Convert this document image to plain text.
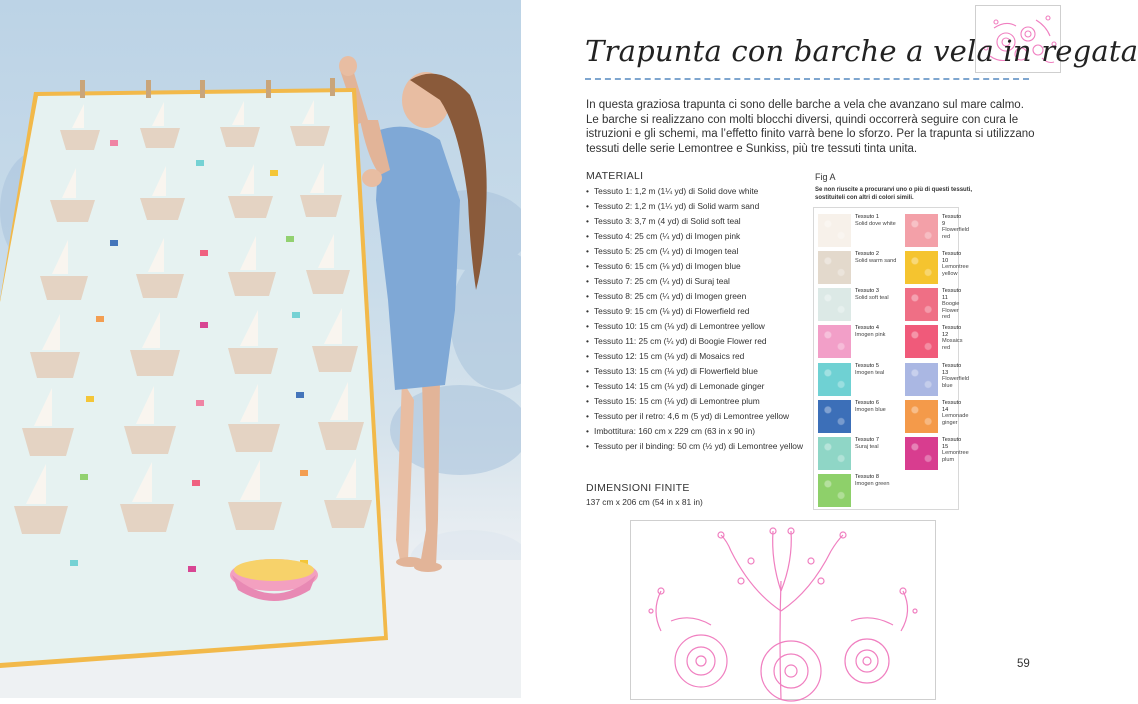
Trapunta con barche a vela in regata
In questa graziosa trapunta ci sono delle barche a vela che avanzano sul mare calmo. Le barche si realizzano con molti blocchi diversi, quindi occorrerà seguire con cura le istruzioni e gli schemi, ma l’effetto finito varrà bene lo sforzo. Per la trapunta si utilizzano tessuti delle serie Lemontree e Sunkiss, più tre tessuti tinta unita.
MATERIALI
• Tessuto 1: 1,2 m (1¼ yd) di Solid dove white
• Tessuto 2: 1,2 m (1¼ yd) di Solid warm sand
• Tessuto 3: 3,7 m (4 yd) di Solid soft teal
• Tessuto 4: 25 cm (¼ yd) di Imogen pink
• Tessuto 5: 25 cm (¼ yd) di Imogen teal
• Tessuto 6: 15 cm (⅛ yd) di Imogen blue
• Tessuto 7: 25 cm (¼ yd) di Suraj teal
• Tessuto 8: 25 cm (¼ yd) di Imogen green
• Tessuto 9: 15 cm (⅛ yd) di Flowerfield red
• Tessuto 10: 15 cm (⅛ yd) di Lemontree yellow
• Tessuto 11: 25 cm (¼ yd) di Boogie Flower red
• Tessuto 12: 15 cm (⅛ yd) di Mosaics red
• Tessuto 13: 15 cm (⅛ yd) di Flowerfield blue
• Tessuto 14: 15 cm (⅛ yd) di Lemonade ginger
• Tessuto 15: 15 cm (⅛ yd) di Lemontree plum
• Tessuto per il retro: 4,6 m (5 yd) di Lemontree yellow
• Imbottitura: 160 cm x 229 cm (63 in x 90 in)
• Tessuto per il binding: 50 cm (½ yd) di Lemontree yellow
DIMENSIONI FINITE
137 cm x 206 cm (54 in x 81 in)
Fig A
Se non riuscite a procurarvi uno o più di questi tessuti, sostituiteli con altri di colori simili.
Tessuto 1
Solid dove white
Tessuto 2
Solid warm sand
Tessuto 3
Solid soft teal
Tessuto 4
Imogen pink
Tessuto 5
Imogen teal
Tessuto 6
Imogen blue
Tessuto 7
Suraj teal
Tessuto 8
Imogen green
Tessuto 9
Flowerfield red
Tessuto 10
Lemontree yellow
Tessuto 11
Boogie Flower red
Tessuto 12
Mosaics red
Tessuto 13
Flowerfield blue
Tessuto 14
Lemonade ginger
Tessuto 15
Lemontree plum
59
